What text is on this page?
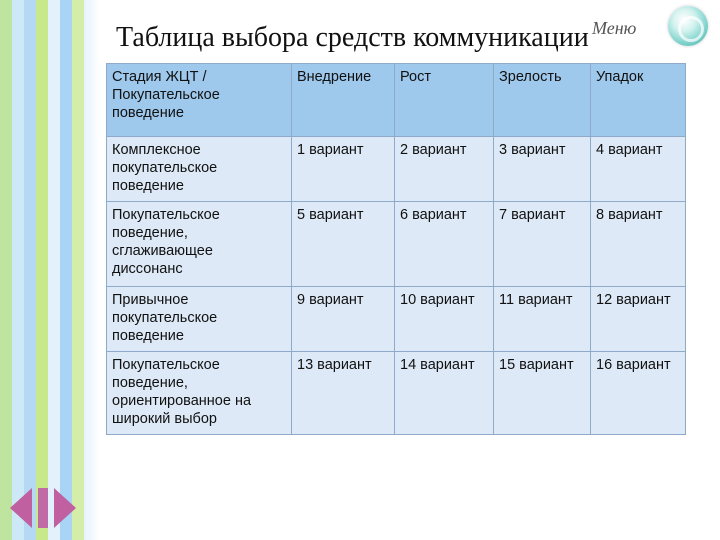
Таблица выбора средств коммуникации Меню
Стадия ЖЦТ / Покупательское поведение	Внедрение	Рост	Зрелость	Упадок
Комплексное покупательское поведение	1 вариант	2 вариант	3 вариант	4 вариант
Покупательское поведение, сглаживающее диссонанс	5 вариант	6 вариант	7 вариант	8 вариант
Привычное покупательское поведение	9 вариант	10 вариант	11 вариант	12 вариант
Покупательское поведение, ориентированное на широкий выбор	13 вариант	14 вариант	15 вариант	16 вариант
